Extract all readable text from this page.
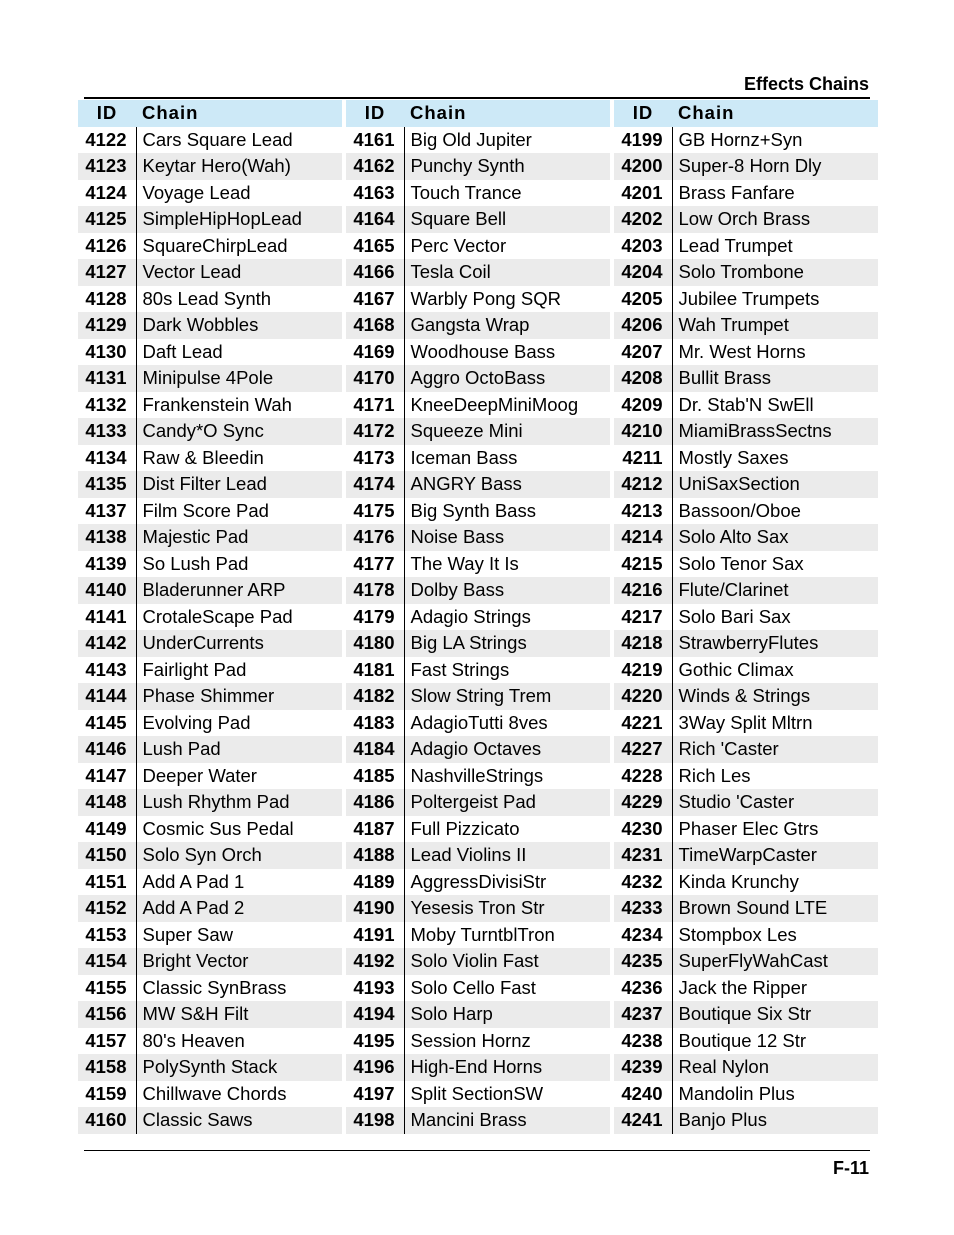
Effects Chains
ID	Chain
4122	Cars Square Lead
4123	Keytar Hero(Wah)
4124	Voyage Lead
4125	SimpleHipHopLead
4126	SquareChirpLead
4127	Vector Lead
4128	80s Lead Synth
4129	Dark Wobbles
4130	Daft Lead
4131	Minipulse 4Pole
4132	Frankenstein Wah
4133	Candy*O Sync
4134	Raw & Bleedin
4135	Dist Filter Lead
4137	Film Score Pad
4138	Majestic Pad
4139	So Lush Pad
4140	Bladerunner ARP
4141	CrotaleScape Pad
4142	UnderCurrents
4143	Fairlight Pad
4144	Phase Shimmer
4145	Evolving Pad
4146	Lush Pad
4147	Deeper Water
4148	Lush Rhythm Pad
4149	Cosmic Sus Pedal
4150	Solo Syn Orch
4151	Add A Pad 1
4152	Add A Pad 2
4153	Super Saw
4154	Bright Vector
4155	Classic SynBrass
4156	MW S&H Filt
4157	80's Heaven
4158	PolySynth Stack
4159	Chillwave Chords
4160	Classic Saws
ID	Chain
4161	Big Old Jupiter
4162	Punchy Synth
4163	Touch Trance
4164	Square Bell
4165	Perc Vector
4166	Tesla Coil
4167	Warbly Pong SQR
4168	Gangsta Wrap
4169	Woodhouse Bass
4170	Aggro OctoBass
4171	KneeDeepMiniMoog
4172	Squeeze Mini
4173	Iceman Bass
4174	ANGRY Bass
4175	Big Synth Bass
4176	Noise Bass
4177	The Way It Is
4178	Dolby Bass
4179	Adagio Strings
4180	Big LA Strings
4181	Fast Strings
4182	Slow String Trem
4183	AdagioTutti 8ves
4184	Adagio Octaves
4185	NashvilleStrings
4186	Poltergeist Pad
4187	Full Pizzicato
4188	Lead Violins II
4189	AggressDivisiStr
4190	Yesesis Tron Str
4191	Moby TurntblTron
4192	Solo Violin Fast
4193	Solo Cello Fast
4194	Solo Harp
4195	Session Hornz
4196	High-End Horns
4197	Split SectionSW
4198	Mancini Brass
ID	Chain
4199	GB Hornz+Syn
4200	Super-8 Horn Dly
4201	Brass Fanfare
4202	Low Orch Brass
4203	Lead Trumpet
4204	Solo Trombone
4205	Jubilee Trumpets
4206	Wah Trumpet
4207	Mr. West Horns
4208	Bullit Brass
4209	Dr. Stab'N SwEll
4210	MiamiBrassSectns
4211	Mostly Saxes
4212	UniSaxSection
4213	Bassoon/Oboe
4214	Solo Alto Sax
4215	Solo Tenor Sax
4216	Flute/Clarinet
4217	Solo Bari Sax
4218	StrawberryFlutes
4219	Gothic Climax
4220	Winds & Strings
4221	3Way Split Mltrn
4227	Rich 'Caster
4228	Rich Les
4229	Studio 'Caster
4230	Phaser Elec Gtrs
4231	TimeWarpCaster
4232	Kinda Krunchy
4233	Brown Sound LTE
4234	Stompbox Les
4235	SuperFlyWahCast
4236	Jack the Ripper
4237	Boutique Six Str
4238	Boutique 12 Str
4239	Real Nylon
4240	Mandolin Plus
4241	Banjo Plus
F-11
